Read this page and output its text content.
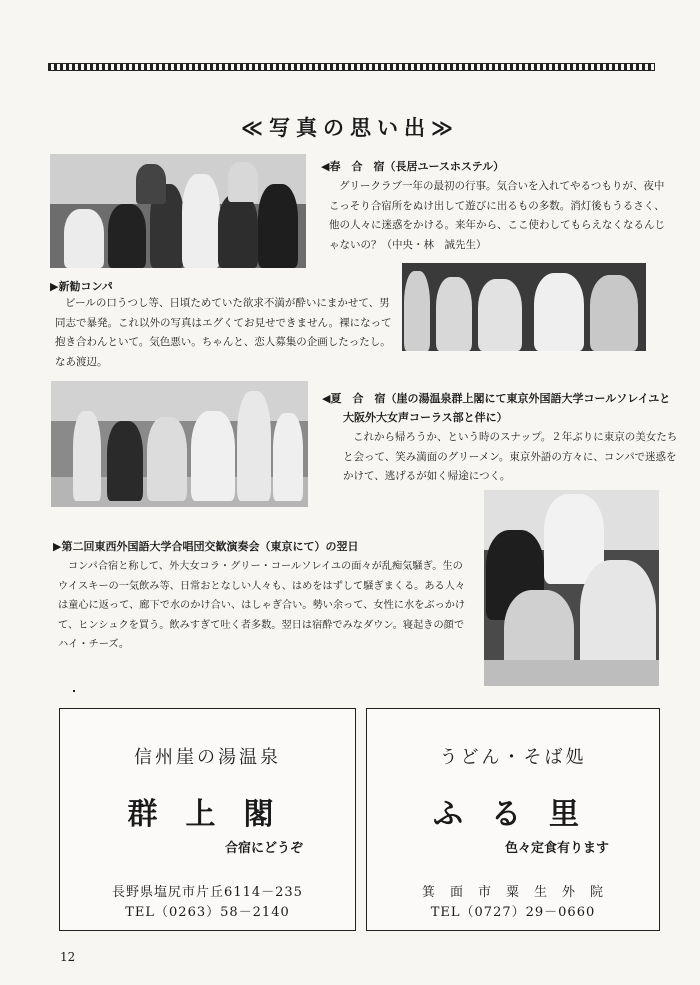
≪写真の思い出≫
◀春　合　宿（長居ユースホステル）
グリークラブ一年の最初の行事。気合いを入れてやるつもりが、夜中
こっそり合宿所をぬけ出して遊びに出るもの多数。消灯後もうるさく、
他の人々に迷惑をかける。来年から、ここ使わしてもらえなくなるんじ
ゃないの？（中央・林　誠先生）
▶新勧コンパ
ビールの口うつし等、日頃ためていた欲求不満が酔いにまかせて、男
同志で暴発。これ以外の写真はエグくてお見せできません。裸になって
抱き合わんといて。気色悪い。ちゃんと、恋人募集の企画したったし。
なあ渡辺。
◀夏　合　宿（崖の湯温泉群上閣にて東京外国語大学コールソレイユと
大阪外大女声コーラス部と伴に）
これから帰ろうか、という時のスナップ。２年ぶりに東京の美女たち
と会って、笑み満面のグリーメン。東京外語の方々に、コンパで迷惑を
かけて、逃げるが如く帰途につく。
▶第二回東西外国語大学合唱団交歓演奏会（東京にて）の翌日
コンパ合宿と称して、外大女コラ・グリー・コールソレイユの面々が乱痴気騒ぎ。生の
ウイスキーの一気飲み等、日常おとなしい人々も、はめをはずして騒ぎまくる。ある人々
は童心に返って、廊下で水のかけ合い、はしゃぎ合い。勢い余って、女性に水をぶっかけ
て、ヒンシュクを買う。飲みすぎて吐く者多数。翌日は宿酔でみなダウン。寝起きの顔で
ハイ・チーズ。
信州崖の湯温泉
群上閣
合宿にどうぞ
長野県塩尻市片丘6114－235
TEL（0263）58－2140
うどん・そば処
ふる里
色々定食有ります
箕　面　市　粟　生　外　院
TEL（0727）29－0660
12
